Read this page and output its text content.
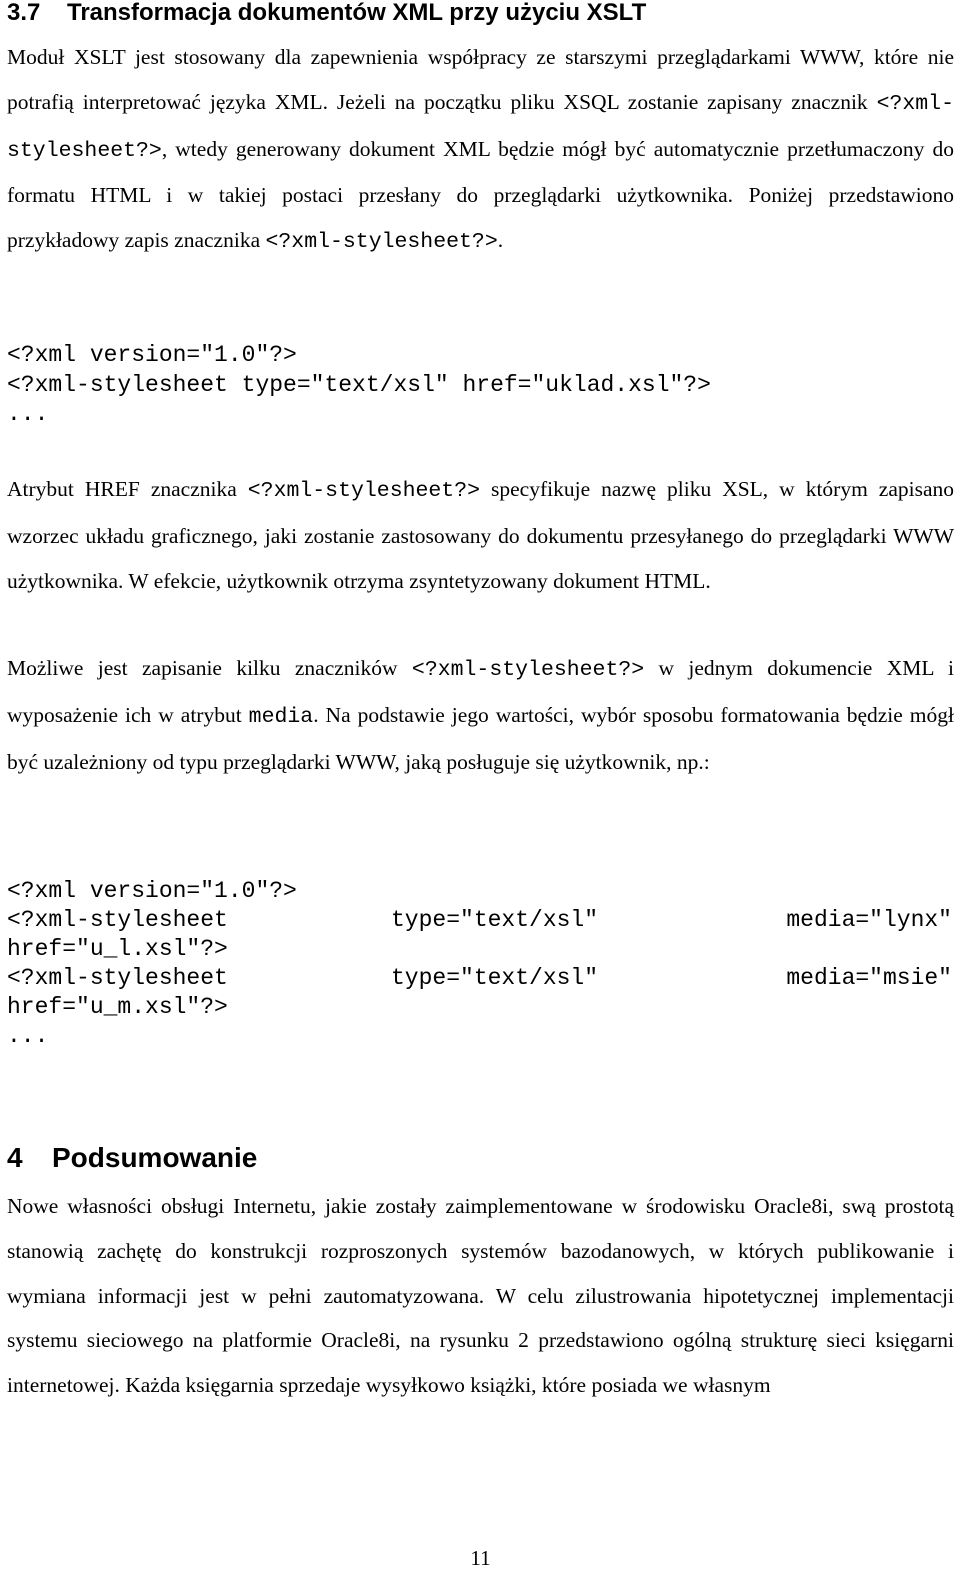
3.7 Transformacja dokumentów XML przy użyciu XSLT

Moduł XSLT jest stosowany dla zapewnienia współpracy ze starszymi przeglądarkami WWW, które nie potrafią interpretować języka XML. Jeżeli na początku pliku XSQL zostanie zapisany znacznik <?xml-stylesheet?>, wtedy generowany dokument XML będzie mógł być automatycznie przetłumaczony do formatu HTML i w takiej postaci przesłany do przeglądarki użytkownika. Poniżej przedstawiono przykładowy zapis znacznika <?xml-stylesheet?>.

<?xml version=″1.0″?>
<?xml-stylesheet type=″text/xsl″ href=″uklad.xsl″?>
...

Atrybut HREF znacznika <?xml-stylesheet?> specyfikuje nazwę pliku XSL, w którym zapisano wzorzec układu graficznego, jaki zostanie zastosowany do dokumentu przesyłanego do przeglądarki WWW użytkownika. W efekcie, użytkownik otrzyma zsyntetyzowany dokument HTML.

Możliwe jest zapisanie kilku znaczników <?xml-stylesheet?> w jednym dokumencie XML i wyposażenie ich w atrybut media. Na podstawie jego wartości, wybór sposobu formatowania będzie mógł być uzależniony od typu przeglądarki WWW, jaką posługuje się użytkownik, np.:

<?xml version=″1.0″?>
<?xml-stylesheet	type=″text/xsl″	media=″lynx″
href=″u_l.xsl″?>
<?xml-stylesheet	type=″text/xsl″	media=″msie″
href=″u_m.xsl″?>
...
4 Podsumowanie

Nowe własności obsługi Internetu, jakie zostały zaimplementowane w środowisku Oracle8i, swą prostotą stanowią zachętę do konstrukcji rozproszonych systemów bazodanowych, w których publikowanie i wymiana informacji jest w pełni zautomatyzowana. W celu zilustrowania hipotetycznej implementacji systemu sieciowego na platformie Oracle8i, na rysunku 2 przedstawiono ogólną strukturę sieci księgarni internetowej. Każda księgarnia sprzedaje wysyłkowo książki, które posiada we własnym

11
